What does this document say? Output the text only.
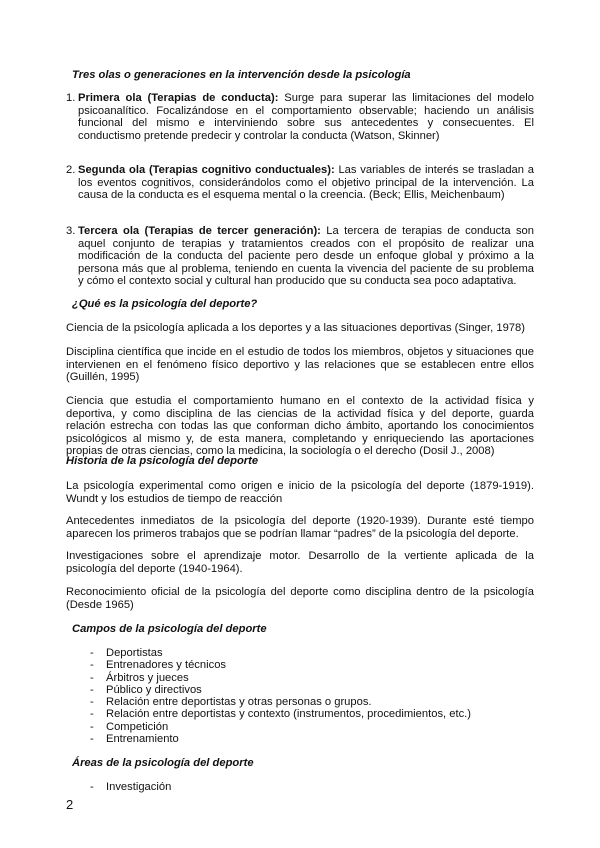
Tres olas o generaciones en la intervención desde la psicología
1. Primera ola (Terapias de conducta): Surge para superar las limitaciones del modelo psicoanalítico. Focalizándose en el comportamiento observable; haciendo un análisis funcional del mismo e interviniendo sobre sus antecedentes y consecuentes. El conductismo pretende predecir y controlar la conducta (Watson, Skinner)
2. Segunda ola (Terapias cognitivo conductuales): Las variables de interés se trasladan a los eventos cognitivos, considerándolos como el objetivo principal de la intervención. La causa de la conducta es el esquema mental o la creencia. (Beck; Ellis, Meichenbaum)
3. Tercera ola (Terapias de tercer generación): La tercera de terapias de conducta son aquel conjunto de terapias y tratamientos creados con el propósito de realizar una modificación de la conducta del paciente pero desde un enfoque global y próximo a la persona más que al problema, teniendo en cuenta la vivencia del paciente de su problema y cómo el contexto social y cultural han producido que su conducta sea poco adaptativa.
¿Qué es la psicología del deporte?
Ciencia de la psicología aplicada a los deportes y a las situaciones deportivas (Singer, 1978)
Disciplina científica que incide en el estudio de todos los miembros, objetos y situaciones que intervienen en el fenómeno físico deportivo y las relaciones que se establecen entre ellos (Guillén, 1995)
Ciencia que estudia el comportamiento humano en el contexto de la actividad física y deportiva, y como disciplina de las ciencias de la actividad física y del deporte, guarda relación estrecha con todas las que conforman dicho ámbito, aportando los conocimientos psicológicos al mismo y, de esta manera, completando y enriqueciendo las aportaciones propias de otras ciencias, como la medicina, la sociología o el derecho (Dosil J., 2008)
Historia de la psicología del deporte
La psicología experimental como origen e inicio de la psicología del deporte (1879-1919). Wundt y los estudios de tiempo de reacción
Antecedentes inmediatos de la psicología del deporte (1920-1939). Durante esté tiempo aparecen los primeros trabajos que se podrían llamar “padres” de la psicología del deporte.
Investigaciones sobre el aprendizaje motor. Desarrollo de la vertiente aplicada de la psicología del deporte (1940-1964).
Reconocimiento oficial de la psicología del deporte como disciplina dentro de la psicología (Desde 1965)
Campos de la psicología del deporte
- Deportistas
- Entrenadores y técnicos
- Árbitros y jueces
- Público y directivos
- Relación entre deportistas y otras personas o grupos.
- Relación entre deportistas y contexto (instrumentos, procedimientos, etc.)
- Competición
- Entrenamiento
Áreas de la psicología del deporte
- Investigación
2
